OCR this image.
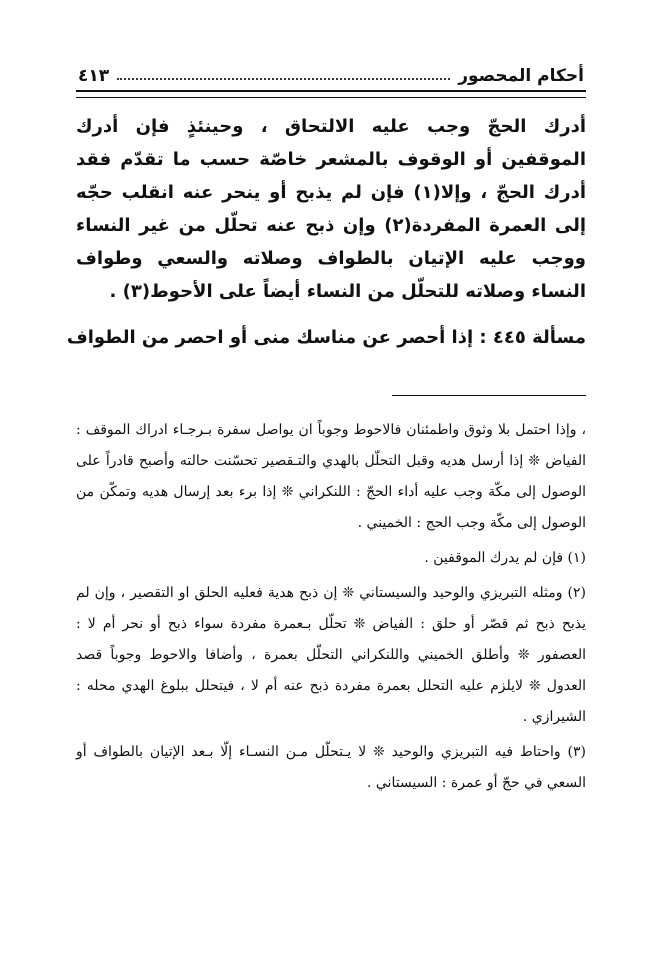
أحكام المحصور
٤١٣

أدرك الحجّ وجب عليه الالتحاق ، وحينئذٍ فإن أدرك الموقفين أو الوقوف بالمشعر خاصّة حسب ما تقدّم فقد أدرك الحجّ ، وإلا(١) فإن لم يذبح أو ينحر عنه انقلب حجّه إلى العمرة المفردة(٢) وإن ذبح عنه تحلّل من غير النساء ووجب عليه الإتيان بالطواف وصلاته والسعي وطواف النساء وصلاته للتحلّل من النساء أيضاً على الأحوط(٣) .

مسألة ٤٤٥ : إذا أحصر عن مناسك منى أو احصر من الطواف

، وإذا احتمل بلا وثوق واطمئنان فالاحوط وجوباً ان يواصل سفرة بـرجـاء ادراك الموقف : الفياض ❊ إذا أرسل هديه وقبل التحلّل بالهدي والتـقصير تحسّنت حالته وأصبح قادراً على الوصول إلى مكّة وجب عليه أداء الحجّ : اللنكراني ❊ إذا برء بعد إرسال هديه وتمكّن من الوصول إلى مكّة وجب الحج : الخميني .

(١) فإن لم يدرك الموقفين .

(٢) ومثله التبريزي والوحيد والسيستاني ❊ إن ذبح هدية فعليه الحلق او التقصير ، وإن لم يذبح ذبح ثم قصّر أو حلق : الفياض ❊ تحلّل بـعمرة مفردة سواء ذبح أو نحر أم لا : العصفور ❊ وأطلق الخميني واللنكراني التحلّل بعمرة ، وأضافا والاحوط وجوباً قصد العدول ❊ لايلزم عليه التحلل بعمرة مفردة ذبح عنه أم لا ، فيتحلل ببلوغ الهدي محله : الشيرازي .

(٣) واحتاط فيه التبريزي والوحيد ❊ لا يـتحلّل مـن النسـاء إلّا بـعد الإتيان بالطواف أو السعي في حجّ أو عمرة : السيستاني .
